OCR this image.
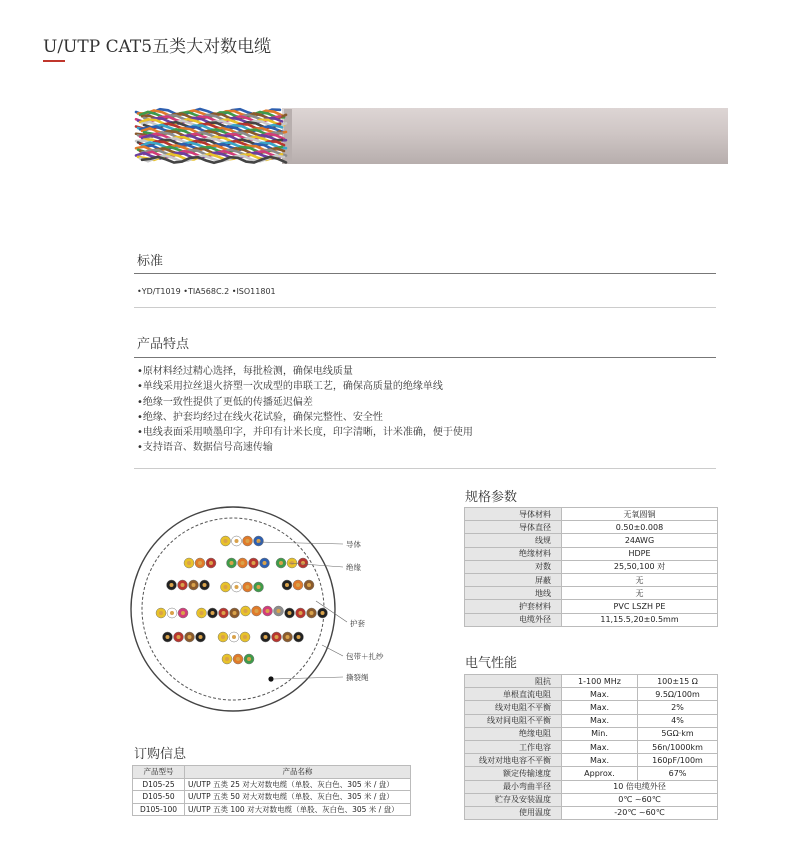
U/UTP CAT5五类大对数电缆
标准
•YD/T1019 •TIA568C.2 •ISO11801
产品特点
•原材料经过精心选择，每批检测，确保电线质量
•单线采用拉丝退火挤塑一次成型的串联工艺，确保高质量的绝缘单线
•绝缘一致性提供了更低的传播延迟偏差
•绝缘、护套均经过在线火花试验，确保完整性、安全性
•电线表面采用喷墨印字，并印有计米长度，印字清晰，计米准确，便于使用
•支持语音、数据信号高速传输
导体
绝缘
护套
包带＋扎纱
撕裂绳
规格参数
导体材料	无氧圆铜
导体直径	0.50±0.008
线规	24AWG
绝缘材料	HDPE
对数	25,50,100 对
屏蔽	无
地线	无
护套材料	PVC LSZH PE
电缆外径	11,15.5,20±0.5mm
电气性能
阻抗	1-100 MHz	100±15 Ω
单根直流电阻	Max.	9.5Ω/100m
线对电阻不平衡	Max.	2%
线对间电阻不平衡	Max.	4%
绝缘电阻	Min.	5GΩ·km
工作电容	Max.	56n/1000km
线对对地电容不平衡	Max.	160pF/100m
额定传输速度	Approx.	67%
最小弯曲半径	10 倍电缆外径	
贮存及安装温度	0℃ ~60℃	
使用温度	-20℃ ~60℃	
订购信息
产品型号	产品名称
D105-25	U/UTP 五类 25 对大对数电缆（单股、灰白色、305 米 / 盘）
D105-50	U/UTP 五类 50 对大对数电缆（单股、灰白色、305 米 / 盘）
D105-100	U/UTP 五类 100 对大对数电缆（单股、灰白色、305 米 / 盘）
